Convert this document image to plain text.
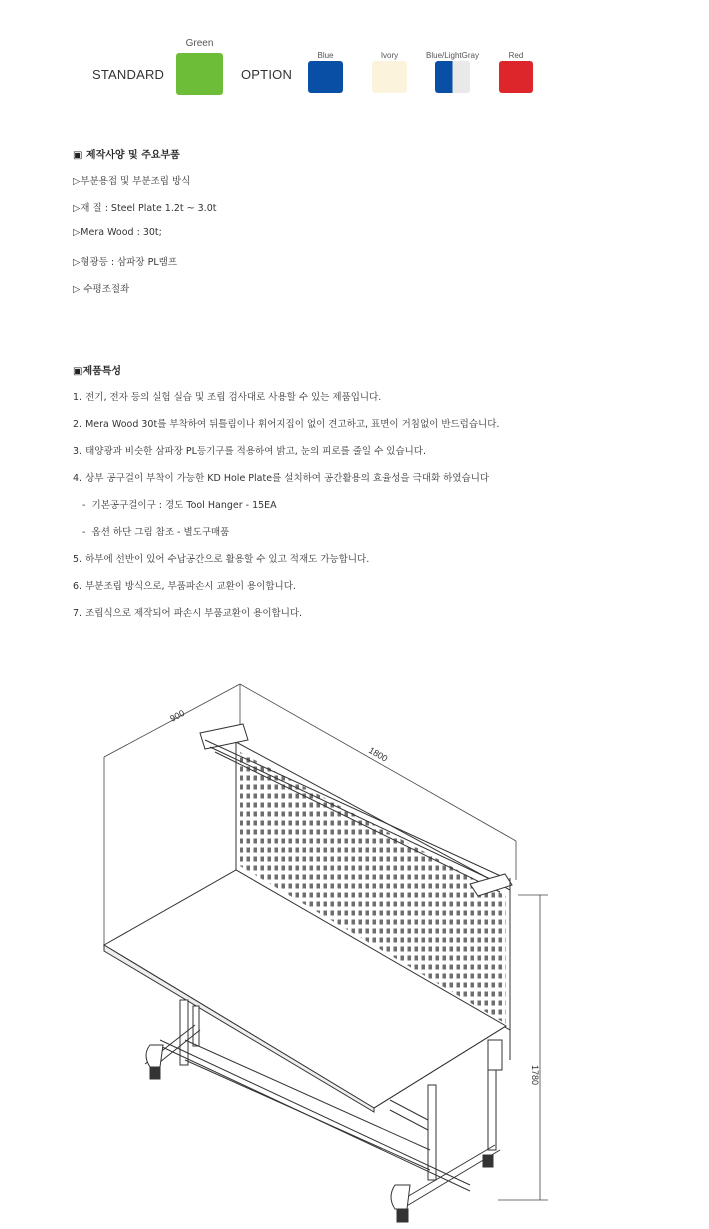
STANDARD
Green
OPTION
Blue	Ivory	Blue/LightGray	Red
▣ 제작사양 및 주요부품
▷부분용접 및 부분조립 방식
▷재 질 : Steel Plate 1.2t ~ 3.0t
▷Mera Wood : 30t;
▷형광등 : 삼파장 PL램프
▷ 수평조절좌
▣제품특성
1. 전기, 전자 등의 실험 실습 및 조립 검사대로 사용할 수 있는 제품입니다.
2. Mera Wood 30t를 부착하여 뒤틀림이나 휘어지집이 없이 견고하고, 표면이 거침없이 반드럽습니다.
3. 태양광과 비슷한 삼파장 PL등기구를 적용하여 밝고, 눈의 피로를 줄일 수 있습니다.
4. 상부 공구걸이 부착이 가능한 KD Hole Plate를 설치하여 공간활용의 효율성을 극대화 하였습니다
-  기본공구걸이구 : 경도 Tool Hanger - 15EA
-  옵션 하단 그림 참조 - 별도구매품
5. 하부에 선반이 있어 수납공간으로 활용할 수 있고 적재도 가능합니다.
6. 부분조립 방식으로, 부품파손시 교환이 용이합니다.
7. 조립식으로 제작되어 파손시 부품교환이 용이합니다.
900
1800
1780
